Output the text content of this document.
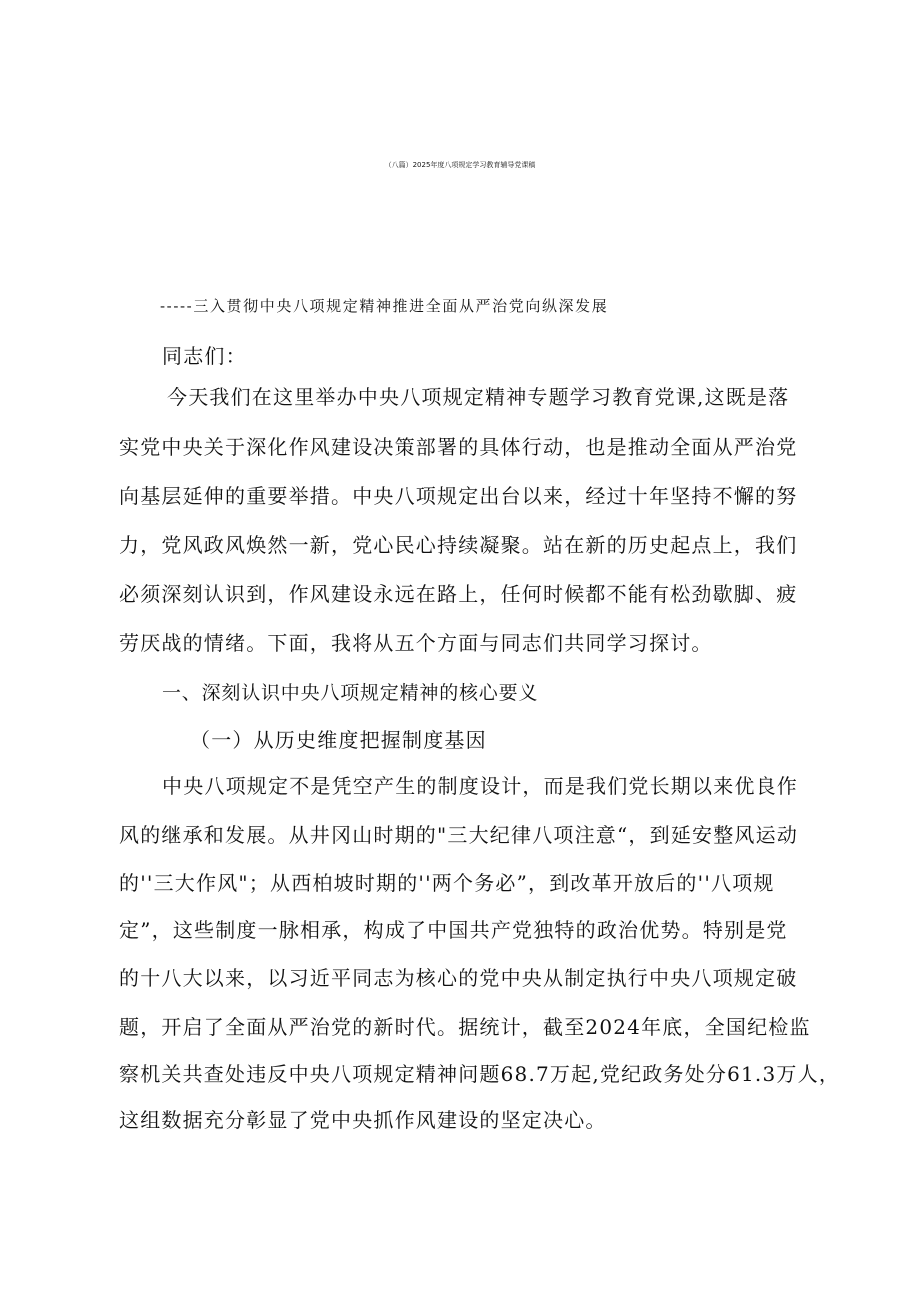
（八篇）2025年度八项规定学习教育辅导党课稿
-----三入贯彻中央八项规定精神推进全面从严治党向纵深发展
同志们：
今天我们在这里举办中央八项规定精神专题学习教育党课,这既是落
实党中央关于深化作风建设决策部署的具体行动，也是推动全面从严治党
向基层延伸的重要举措。中央八项规定出台以来，经过十年坚持不懈的努
力，党风政风焕然一新，党心民心持续凝聚。站在新的历史起点上，我们
必须深刻认识到，作风建设永远在路上，任何时候都不能有松劲歇脚、疲
劳厌战的情绪。下面，我将从五个方面与同志们共同学习探讨。
一、深刻认识中央八项规定精神的核心要义
（一）从历史维度把握制度基因
中央八项规定不是凭空产生的制度设计，而是我们党长期以来优良作
风的继承和发展。从井冈山时期的"三大纪律八项注意“，到延安整风运动
的''三大作风"；从西柏坡时期的''两个务必”，到改革开放后的''八项规
定”，这些制度一脉相承，构成了中国共产党独特的政治优势。特别是党
的十八大以来，以习近平同志为核心的党中央从制定执行中央八项规定破
题，开启了全面从严治党的新时代。据统计，截至2024年底，全国纪检监
察机关共查处违反中央八项规定精神问题68.7万起,党纪政务处分61.3万人，
这组数据充分彰显了党中央抓作风建设的坚定决心。
